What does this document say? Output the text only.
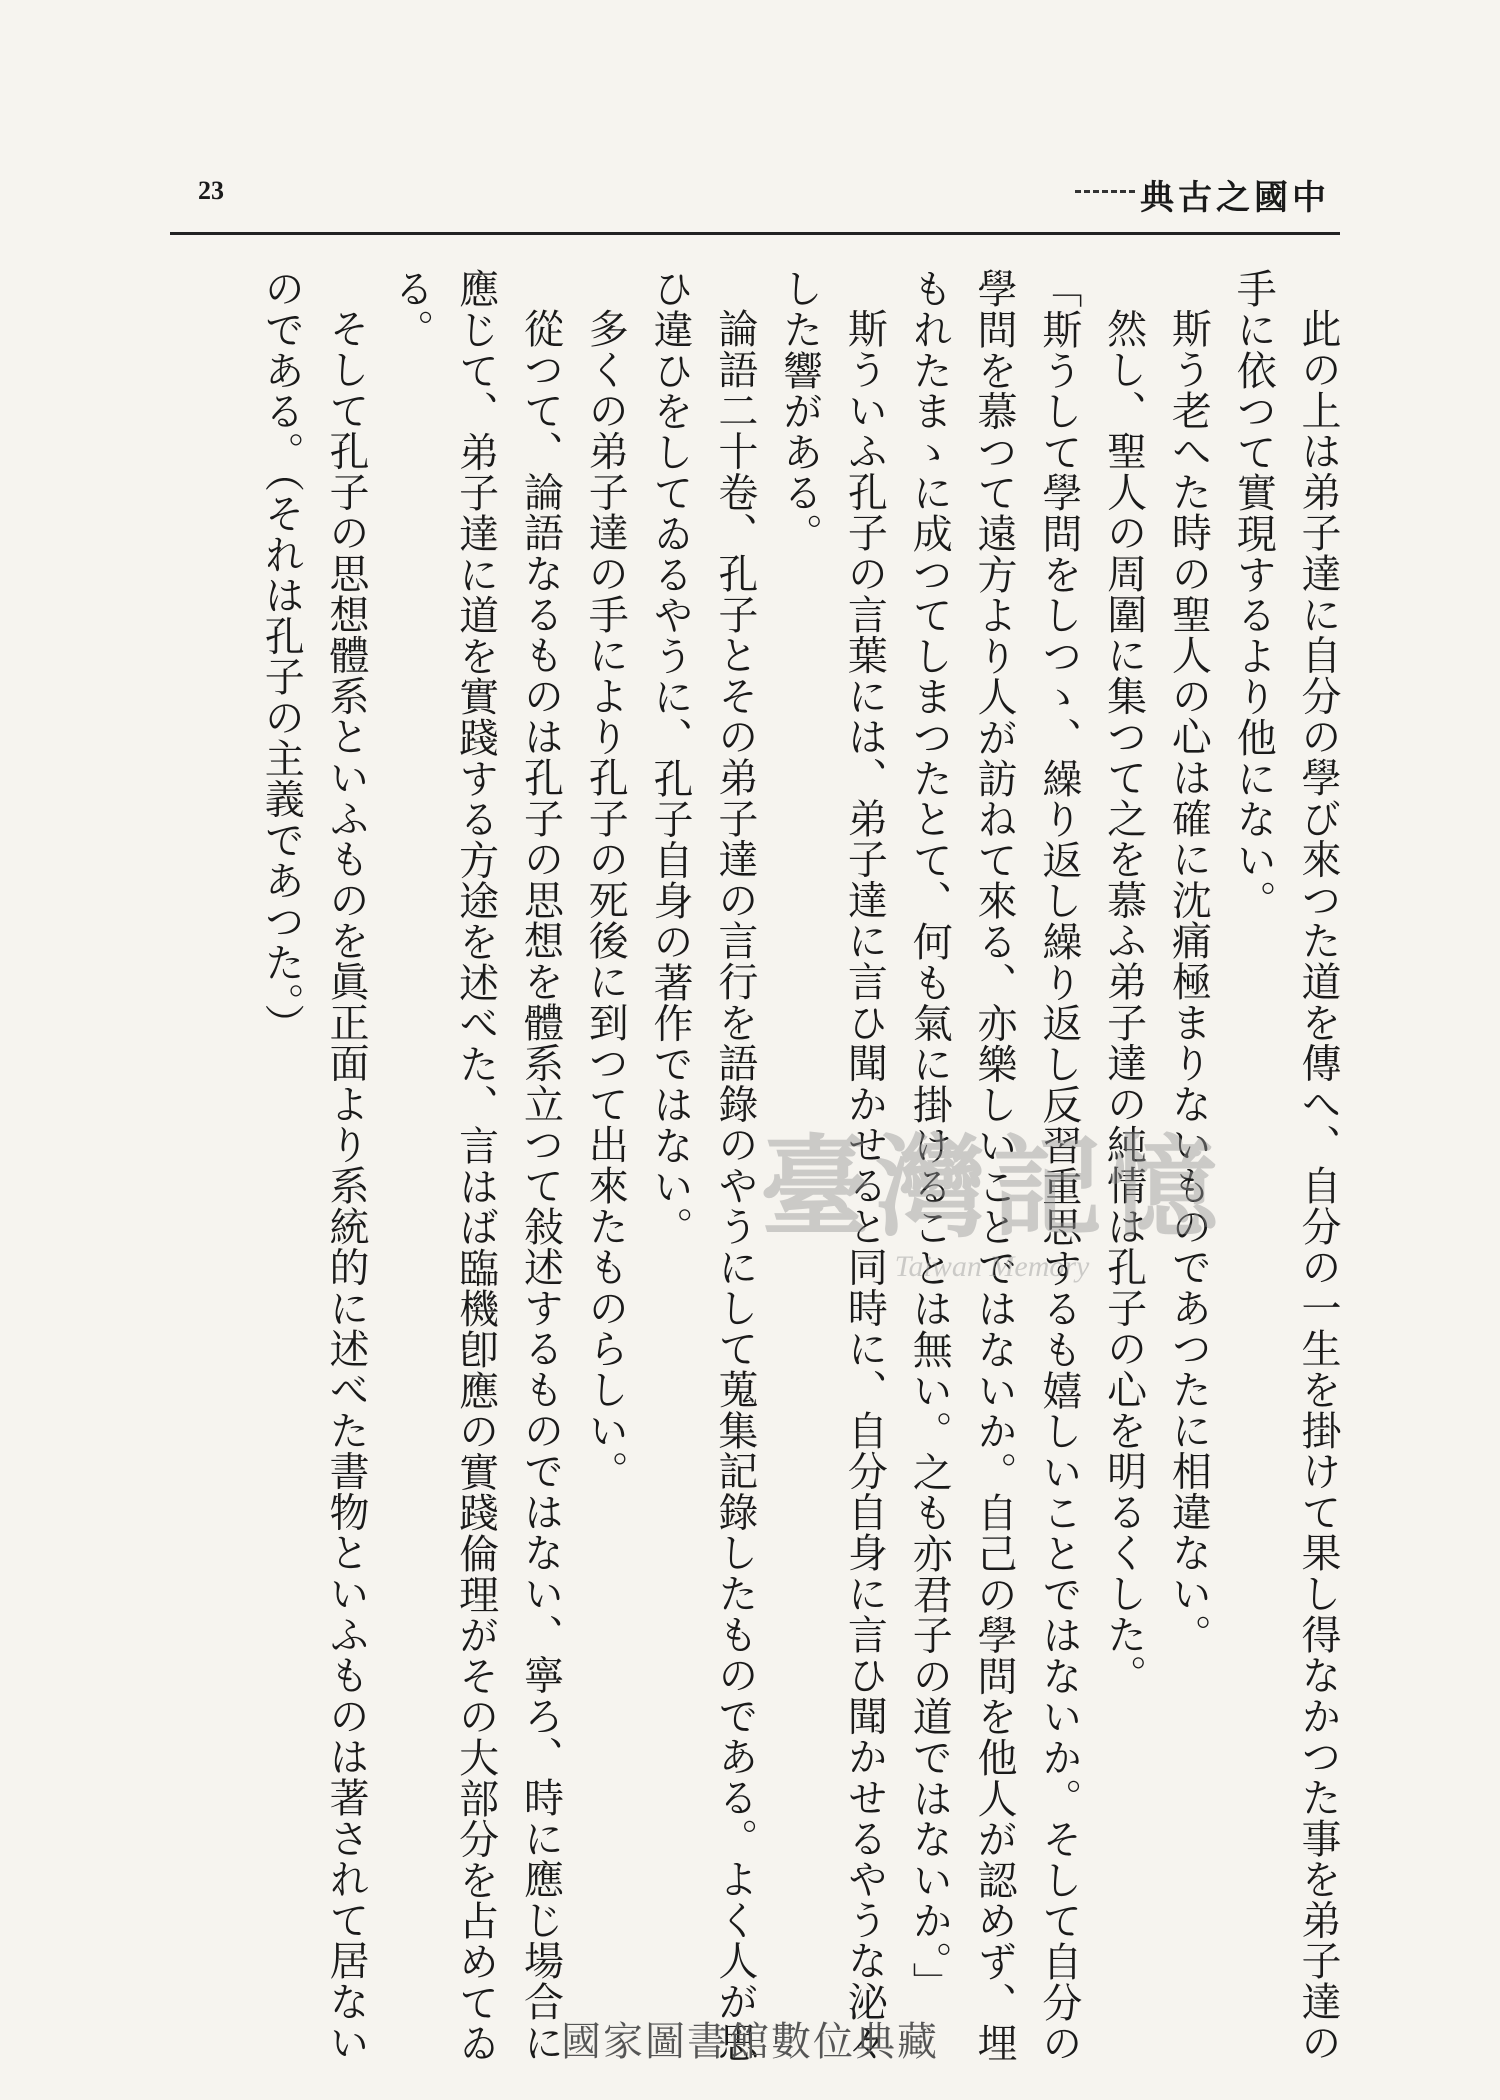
23	典古之國中

此の上は弟子達に自分の學び來つた道を傳へ、自分の一生を掛けて果し得なかつた事を弟子達の手に依つて實現するより他にない。

斯う老へた時の聖人の心は確に沈痛極まりないものであつたに相違ない。

然し、聖人の周圍に集つて之を慕ふ弟子達の純情は孔子の心を明るくした。

「斯うして學問をしつゝ、繰り返し繰り返し反習重思するも嬉しいことではないか。そして自分の學問を慕つて遠方より人が訪ねて來る、亦樂しいことではないか。自己の學問を他人が認めず、埋もれたまゝに成つてしまつたとて、何も氣に掛けることは無い。之も亦君子の道ではないか。」

斯ういふ孔子の言葉には、弟子達に言ひ聞かせると同時に、自分自身に言ひ聞かせるやうな泌々した響がある。

論語二十卷、孔子とその弟子達の言行を語錄のやうにして蒐集記錄したものである。よく人が思ひ違ひをしてゐるやうに、孔子自身の著作ではない。

多くの弟子達の手により孔子の死後に到つて出來たものらしい。

從つて、論語なるものは孔子の思想を體系立つて敍述するものではない、寧ろ、時に應じ場合に應じて、弟子達に道を實踐する方途を述べた、言はば臨機卽應の實踐倫理がその大部分を占めてゐる。

そして孔子の思想體系といふものを眞正面より系統的に述べた書物といふものは著されて居ないのである。（それは孔子の主義であつた。）

臺灣記憶
Taiwan Memory
國家圖書館數位典藏
